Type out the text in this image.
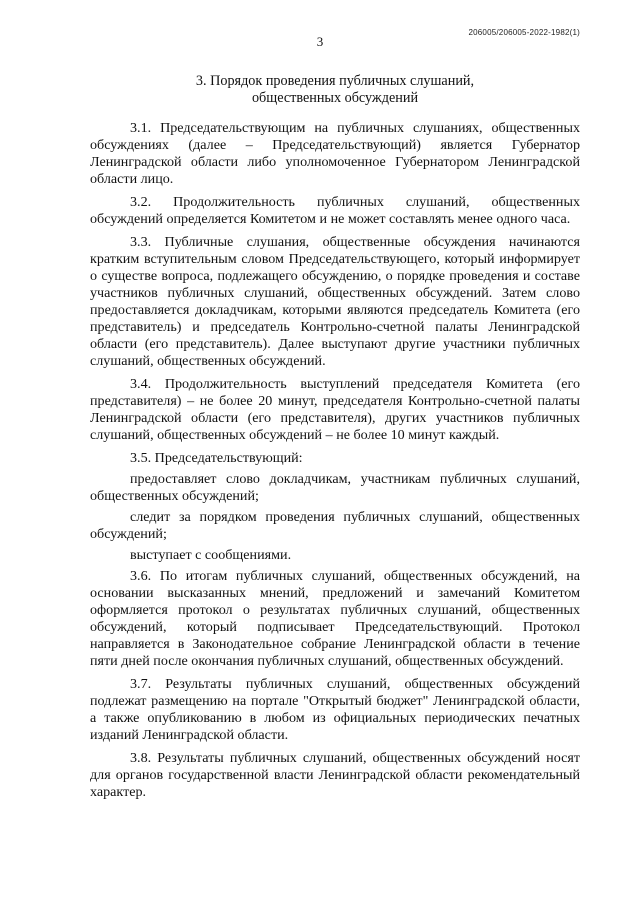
206005/206005-2022-1982(1)
3
3. Порядок проведения публичных слушаний,
общественных обсуждений

3.1. Председательствующим на публичных слушаниях, общественных обсуждениях (далее – Председательствующий) является Губернатор Ленинградской области либо уполномоченное Губернатором Ленинградской области лицо.

3.2. Продолжительность публичных слушаний, общественных обсуждений определяется Комитетом и не может составлять менее одного часа.

3.3. Публичные слушания, общественные обсуждения начинаются кратким вступительным словом Председательствующего, который информирует о существе вопроса, подлежащего обсуждению, о порядке проведения и составе участников публичных слушаний, общественных обсуждений. Затем слово предоставляется докладчикам, которыми являются председатель Комитета (его представитель) и председатель Контрольно-счетной палаты Ленинградской области (его представитель). Далее выступают другие участники публичных слушаний, общественных обсуждений.

3.4. Продолжительность выступлений председателя Комитета (его представителя) – не более 20 минут, председателя Контрольно-счетной палаты Ленинградской области (его представителя), других участников публичных слушаний, общественных обсуждений – не более 10 минут каждый.

3.5. Председательствующий:

предоставляет слово докладчикам, участникам публичных слушаний, общественных обсуждений;

следит за порядком проведения публичных слушаний, общественных обсуждений;

выступает с сообщениями.

3.6. По итогам публичных слушаний, общественных обсуждений, на основании высказанных мнений, предложений и замечаний Комитетом оформляется протокол о результатах публичных слушаний, общественных обсуждений, который подписывает Председательствующий. Протокол направляется в Законодательное собрание Ленинградской области в течение пяти дней после окончания публичных слушаний, общественных обсуждений.

3.7. Результаты публичных слушаний, общественных обсуждений подлежат размещению на портале "Открытый бюджет" Ленинградской области, а также опубликованию в любом из официальных периодических печатных изданий Ленинградской области.

3.8. Результаты публичных слушаний, общественных обсуждений носят для органов государственной власти Ленинградской области рекомендательный характер.
